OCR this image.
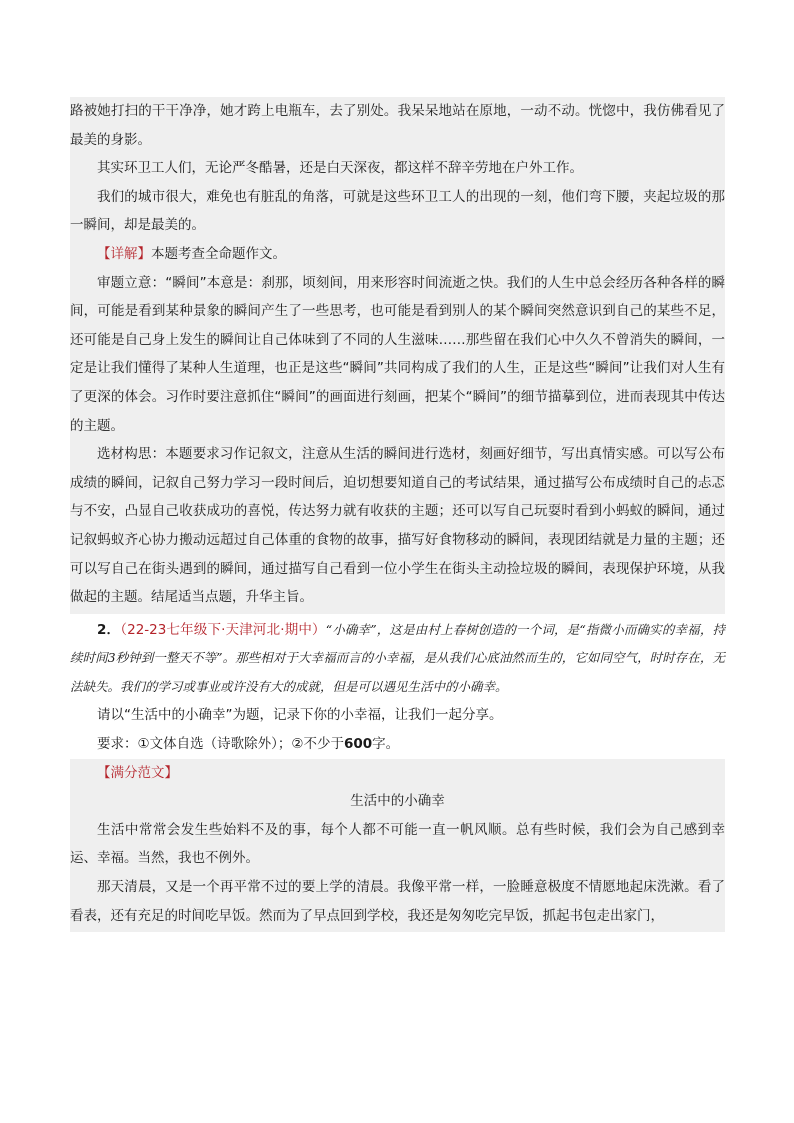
路被她打扫的干干净净，她才跨上电瓶车，去了别处。我呆呆地站在原地，一动不动。恍惚中，我仿佛看见了最美的身影。

其实环卫工人们，无论严冬酷暑，还是白天深夜，都这样不辞辛劳地在户外工作。

我们的城市很大，难免也有脏乱的角落，可就是这些环卫工人的出现的一刻，他们弯下腰，夹起垃圾的那一瞬间，却是最美的。

【详解】本题考查全命题作文。

审题立意：“瞬间”本意是：刹那，顷刻间，用来形容时间流逝之快。我们的人生中总会经历各种各样的瞬间，可能是看到某种景象的瞬间产生了一些思考，也可能是看到别人的某个瞬间突然意识到自己的某些不足，还可能是自己身上发生的瞬间让自己体味到了不同的人生滋味……那些留在我们心中久久不曾消失的瞬间，一定是让我们懂得了某种人生道理，也正是这些“瞬间”共同构成了我们的人生，正是这些“瞬间”让我们对人生有了更深的体会。习作时要注意抓住“瞬间”的画面进行刻画，把某个“瞬间”的细节描摹到位，进而表现其中传达的主题。

选材构思：本题要求习作记叙文，注意从生活的瞬间进行选材，刻画好细节，写出真情实感。可以写公布成绩的瞬间，记叙自己努力学习一段时间后，迫切想要知道自己的考试结果，通过描写公布成绩时自己的忐忑与不安，凸显自己收获成功的喜悦，传达努力就有收获的主题；还可以写自己玩耍时看到小蚂蚁的瞬间，通过记叙蚂蚁齐心协力搬动远超过自己体重的食物的故事，描写好食物移动的瞬间，表现团结就是力量的主题；还可以写自己在街头遇到的瞬间，通过描写自己看到一位小学生在街头主动捡垃圾的瞬间，表现保护环境，从我做起的主题。结尾适当点题，升华主旨。

2．（22-23七年级下·天津河北·期中）“小确幸”，这是由村上春树创造的一个词，是“指微小而确实的幸福，持续时间3秒钟到一整天不等”。那些相对于大幸福而言的小幸福，是从我们心底油然而生的，它如同空气，时时存在，无法缺失。我们的学习或事业或许没有大的成就，但是可以遇见生活中的小确幸。

请以“生活中的小确幸”为题，记录下你的小幸福，让我们一起分享。

要求：①文体自选（诗歌除外）；②不少于600字。

【满分范文】

生活中的小确幸

生活中常常会发生些始料不及的事，每个人都不可能一直一帆风顺。总有些时候，我们会为自己感到幸运、幸福。当然，我也不例外。

那天清晨，又是一个再平常不过的要上学的清晨。我像平常一样，一脸睡意极度不情愿地起床洗漱。看了看表，还有充足的时间吃早饭。然而为了早点回到学校，我还是匆匆吃完早饭，抓起书包走出家门，
